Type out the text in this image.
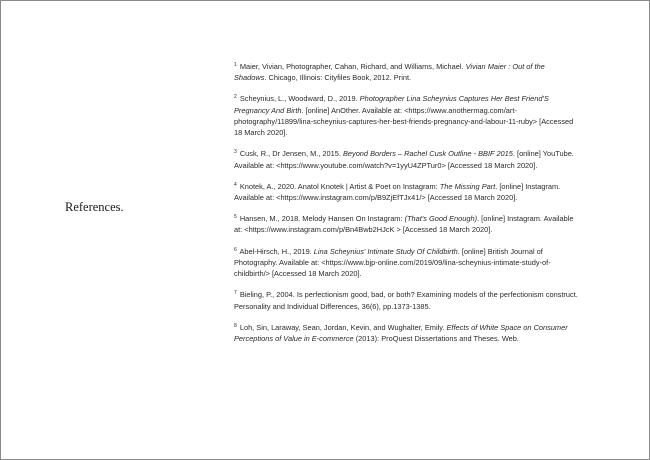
References.

$^1$ Maier, Vivian, Photographer, Cahan, Richard, and Williams, Michael. Vivian Maier : Out of the Shadows. Chicago, Illinois: Cityfiles Book, 2012. Print.

$^2$ Scheynius, L., Woodward, D., 2019. Photographer Lina Scheynius Captures Her Best Friend'S Pregnancy And Birth. [online] AnOther. Available at: <https://www.anothermag.com/art-photography/11899/lina-scheynius-captures-her-best-friends-pregnancy-and-labour-11-ruby> [Accessed 18 March 2020].

$^3$ Cusk, R., Dr Jensen, M., 2015. Beyond Borders – Rachel Cusk Outline - BBIF 2015. [online] YouTube. Available at: <https://www.youtube.com/watch?v=1yyU4ZPTur0> [Accessed 18 March 2020].

$^4$ Knotek, A., 2020. Anatol Knotek | Artist & Poet on Instagram: The Missing Part. [online] Instagram. Available at: <https://www.instagram.com/p/B9ZjEfTJx41/> [Accessed 18 March 2020].

$^5$ Hansen, M., 2018. Melody Hansen On Instagram: (That's Good Enough). [online] Instagram. Available at: <https://www.instagram.com/p/Bn4Bwb2HJcK > [Accessed 18 March 2020].

$^6$ Abel-Hirsch, H., 2019. Lina Scheynius' Intimate Study Of Childbirth. [online] British Journal of Photography. Available at: <https://www.bjp-online.com/2019/09/lina-scheynius-intimate-study-of-childbirth/> [Accessed 18 March 2020].

$^7$ Bieling, P., 2004. Is perfectionism good, bad, or both? Examining models of the perfectionism construct. Personality and Individual Differences, 36(6), pp.1373-1385.

$^8$ Loh, Sin, Laraway, Sean, Jordan, Kevin, and Wughalter, Emily. Effects of White Space on Consumer Perceptions of Value in E-commerce (2013): ProQuest Dissertations and Theses. Web.
